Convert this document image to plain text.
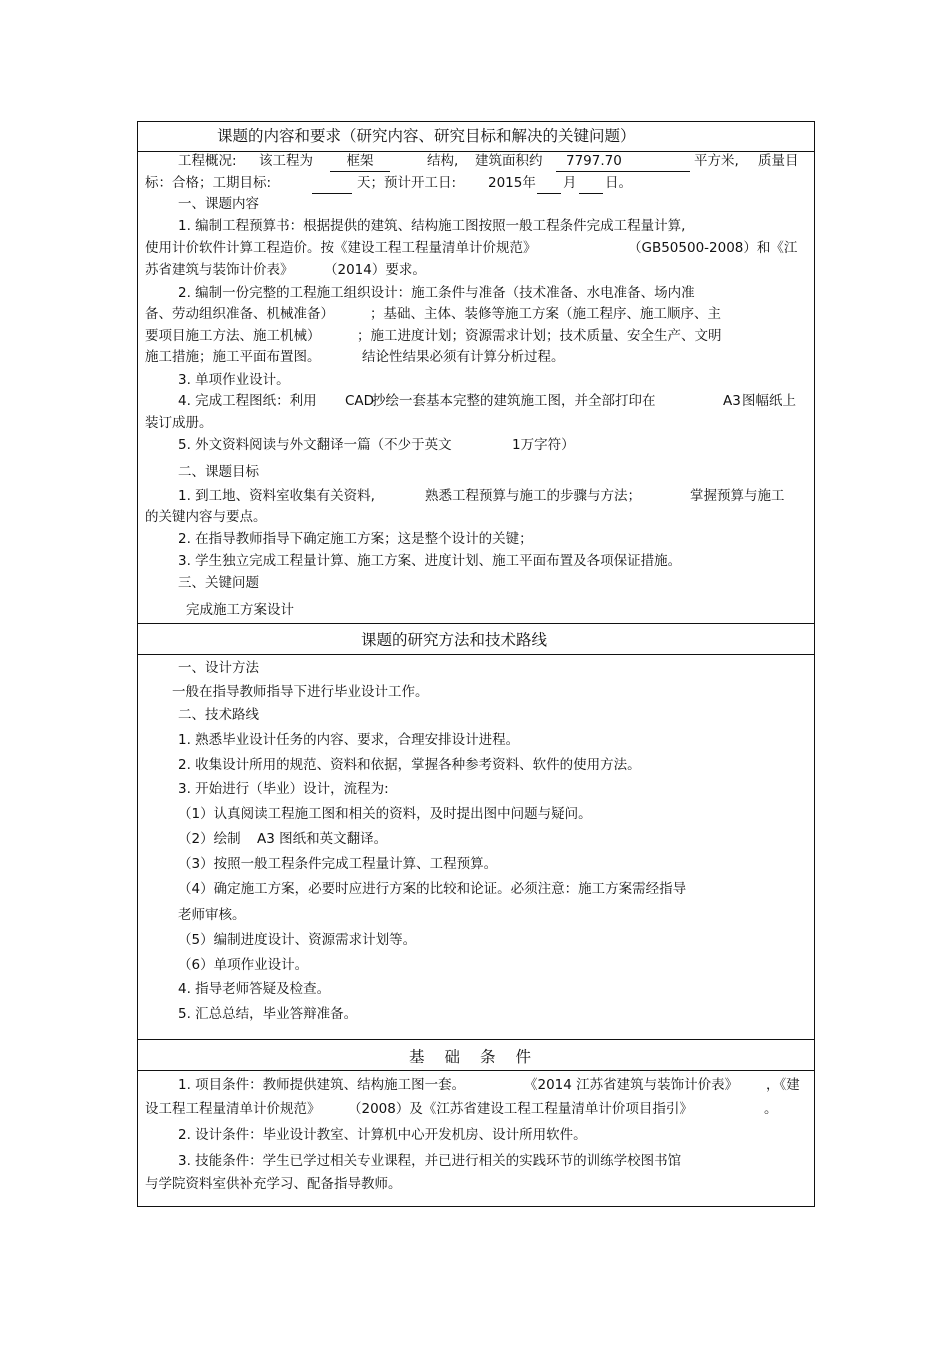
课题的内容和要求（研究内容、研究目标和解决的关键问题）
工程概况: 该工程为	框架	结构, 建筑面积约	7797.70	平方米, 质量目
标：合格；工期目标:
	天；预计开工日: 2015年
月
日。
一、课题内容
1. 编制工程预算书：根据提供的建筑、结构施工图按照一般工程条件完成工程量计算,
使用计价软件计算工程造价。按《建设工程工程量清单计价规范》	（GB50500-2008）和《江
苏省建筑与装饰计价表》 （2014）要求。
2. 编制一份完整的工程施工组织设计：施工条件与准备（技术准备、水电准备、场内准
备、劳动组织准备、机械准备）	；基础、主体、装修等施工方案（施工程序、施工顺序、主
要项目施工方法、施工机械）	；施工进度计划；资源需求计划；技术质量、安全生产、文明
施工措施；施工平面布置图。	结论性结果必须有计算分析过程。
3. 单项作业设计。
4. 完成工程图纸：利用 CAD
抄绘一套基本完整的建筑施工图，并全部打印在	A3 图幅纸上
装订成册。
5. 外文资料阅读与外文翻译一篇（不少于英文	1万字符）
二、课题目标
1. 到工地、资料室收集有关资料,	熟悉工程预算与施工的步骤与方法；	掌握预算与施工
的关键内容与要点。
2. 在指导教师指导下确定施工方案；这是整个设计的关键；
3. 学生独立完成工程量计算、施工方案、进度计划、施工平面布置及各项保证措施。
三、关键问题
完成施工方案设计
课题的研究方法和技术路线
一、设计方法
一般在指导教师指导下进行毕业设计工作。
二、技术路线
1. 熟悉毕业设计任务的内容、要求，合理安排设计进程。
2. 收集设计所用的规范、资料和依据，掌握各种参考资料、软件的使用方法。
3. 开始进行（毕业）设计，流程为:
（1）认真阅读工程施工图和相关的资料，及时提出图中问题与疑问。
（2）绘制 A3 图纸和英文翻译。
（3）按照一般工程条件完成工程量计算、工程预算。
（4）确定施工方案，必要时应进行方案的比较和论证。必须注意：施工方案需经指导
老师审核。
（5）编制进度设计、资源需求计划等。
（6）单项作业设计。
4. 指导老师答疑及检查。
5. 汇总总结，毕业答辩准备。
基础条件
1. 项目条件：教师提供建筑、结构施工图一套。	《2014 江苏省建筑与装饰计价表》 ，《建
设工程工程量清单计价规范》 （2008）及《江苏省建设工程工程量清单计价项目指引》	。
2. 设计条件：毕业设计教室、计算机中心开发机房、设计所用软件。
3. 技能条件：学生已学过相关专业课程，并已进行相关的实践环节的训练学校图书馆
与学院资料室供补充学习、配备指导教师。
